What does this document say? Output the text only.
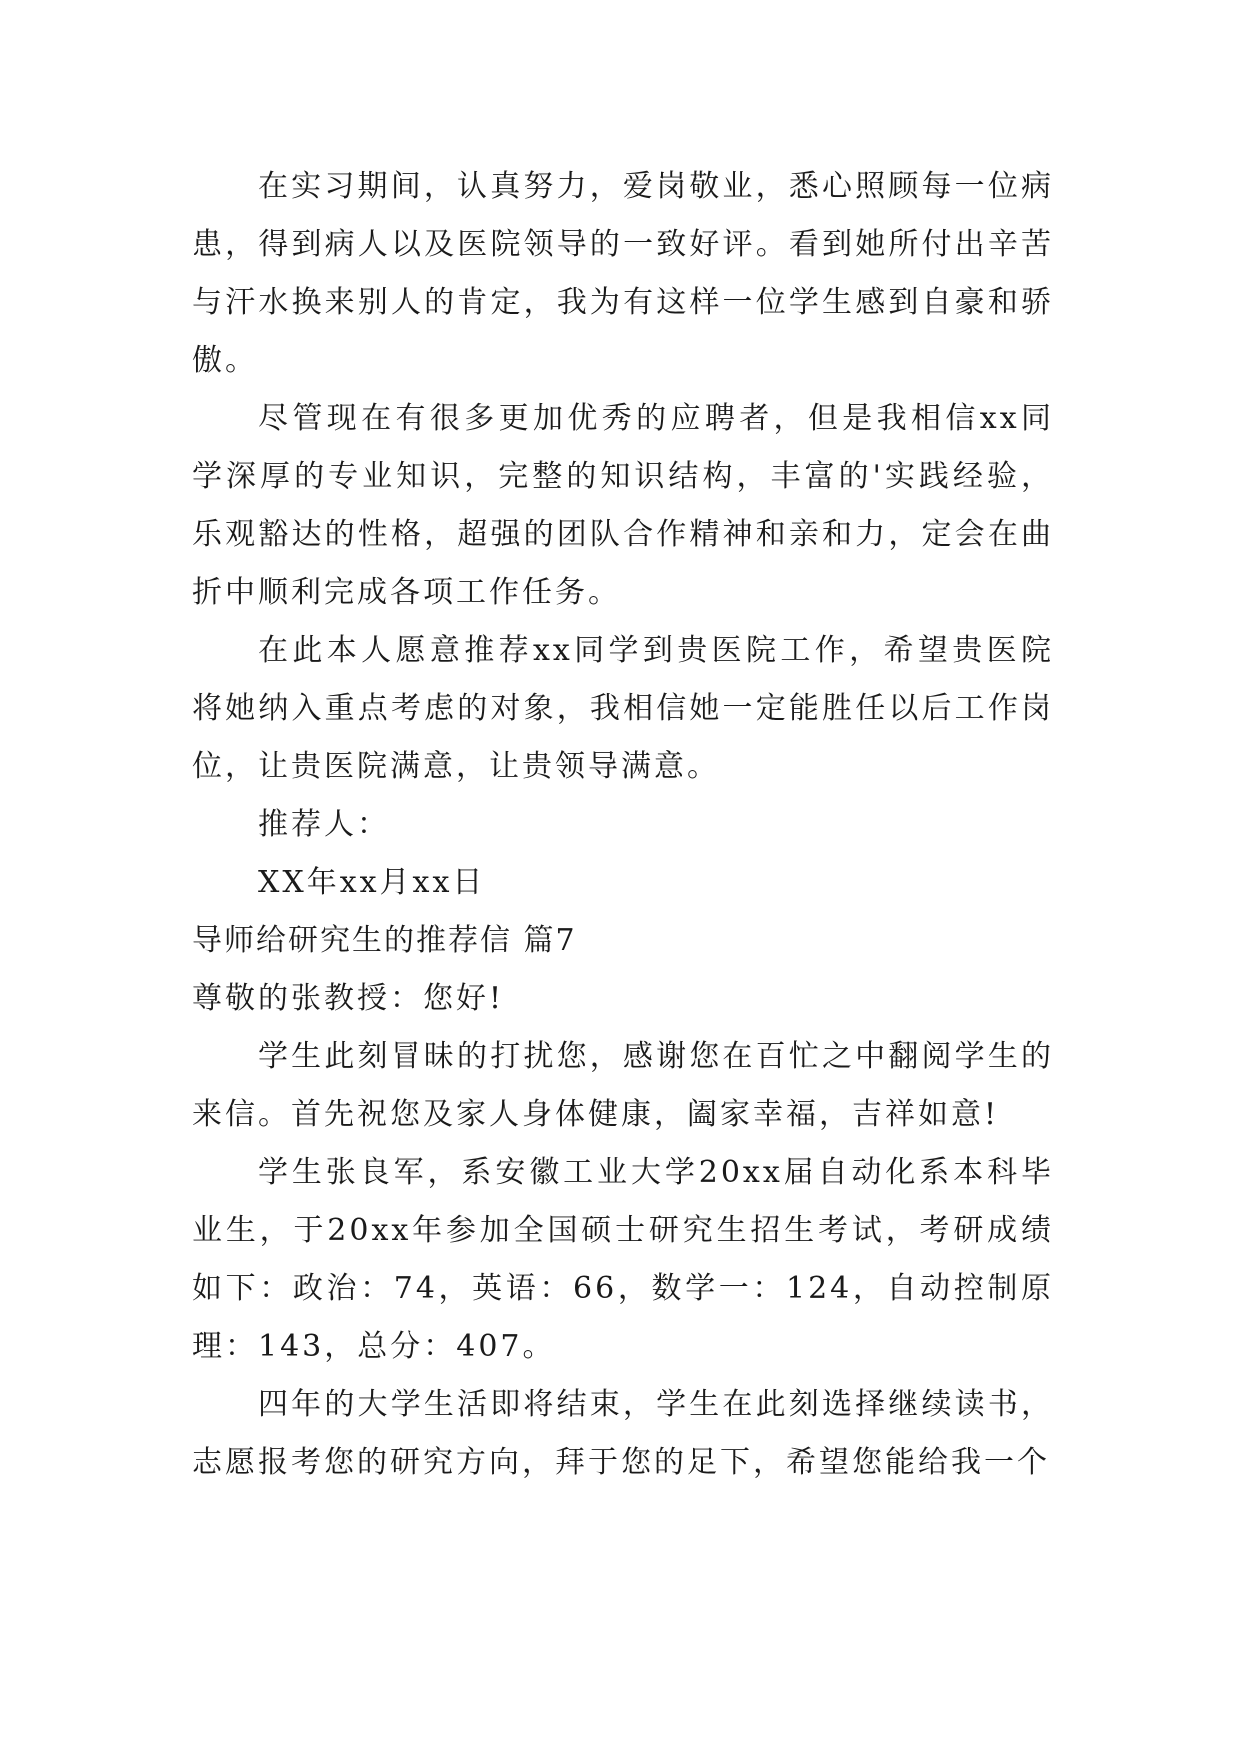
在实习期间，认真努力，爱岗敬业，悉心照顾每一位病患，得到病人以及医院领导的一致好评。看到她所付出辛苦与汗水换来别人的肯定，我为有这样一位学生感到自豪和骄傲。

尽管现在有很多更加优秀的应聘者，但是我相信xx同学深厚的专业知识，完整的知识结构，丰富的'实践经验，乐观豁达的性格，超强的团队合作精神和亲和力，定会在曲折中顺利完成各项工作任务。

在此本人愿意推荐xx同学到贵医院工作，希望贵医院将她纳入重点考虑的对象，我相信她一定能胜任以后工作岗位，让贵医院满意，让贵领导满意。

推荐人：

XX年xx月xx日

导师给研究生的推荐信 篇7

尊敬的张教授：您好!

学生此刻冒昧的打扰您，感谢您在百忙之中翻阅学生的来信。首先祝您及家人身体健康，阖家幸福，吉祥如意!

学生张良军，系安徽工业大学20xx届自动化系本科毕业生，于20xx年参加全国硕士研究生招生考试，考研成绩如下：政治：74，英语：66，数学一：124，自动控制原理：143，总分：407。

四年的大学生活即将结束，学生在此刻选择继续读书，志愿报考您的研究方向，拜于您的足下，希望您能给我一个
